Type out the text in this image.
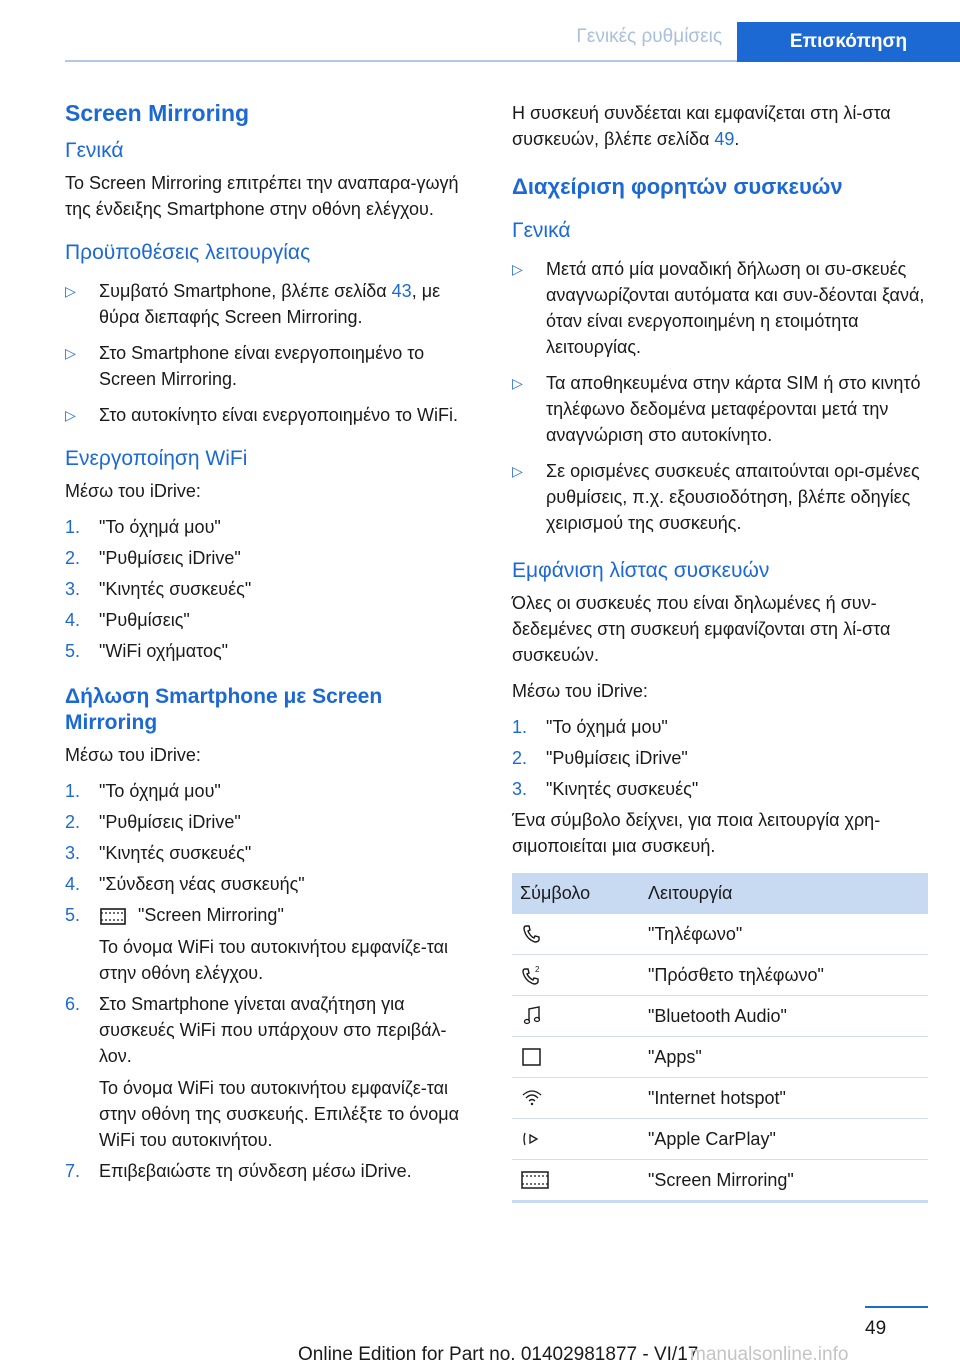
Γενικές ρυθμίσεις	Επισκόπηση
Screen Mirroring
Γενικά
Το Screen Mirroring επιτρέπει την αναπαρα-γωγή της ένδειξης Smartphone στην οθόνη ελέγχου.
Προϋποθέσεις λειτουργίας
▷ Συμβατό Smartphone, βλέπε σελίδα 43, με θύρα διεπαφής Screen Mirroring.
▷ Στο Smartphone είναι ενεργοποιημένο το Screen Mirroring.
▷ Στο αυτοκίνητο είναι ενεργοποιημένο το WiFi.
Ενεργοποίηση WiFi
Μέσω του iDrive:
1. "Το όχημά μου"
2. "Ρυθμίσεις iDrive"
3. "Κινητές συσκευές"
4. "Ρυθμίσεις"
5. "WiFi οχήματος"
Δήλωση Smartphone με Screen Mirroring
Μέσω του iDrive:
1. "Το όχημά μου"
2. "Ρυθμίσεις iDrive"
3. "Κινητές συσκευές"
4. "Σύνδεση νέας συσκευής"
5.	"Screen Mirroring"
Το όνομα WiFi του αυτοκινήτου εμφανίζε-ται στην οθόνη ελέγχου.
6. Στο Smartphone γίνεται αναζήτηση για συσκευές WiFi που υπάρχουν στο περιβάλ-λον.
Το όνομα WiFi του αυτοκινήτου εμφανίζε-ται στην οθόνη της συσκευής. Επιλέξτε το όνομα WiFi του αυτοκινήτου.
7. Επιβεβαιώστε τη σύνδεση μέσω iDrive.
Η συσκευή συνδέεται και εμφανίζεται στη λί-στα συσκευών, βλέπε σελίδα 49.
Διαχείριση φορητών συσκευών
Γενικά
▷ Μετά από μία μοναδική δήλωση οι συ-σκευές αναγνωρίζονται αυτόματα και συν-δέονται ξανά, όταν είναι ενεργοποιημένη η ετοιμότητα λειτουργίας.
▷ Τα αποθηκευμένα στην κάρτα SIM ή στο κινητό τηλέφωνο δεδομένα μεταφέρονται μετά την αναγνώριση στο αυτοκίνητο.
▷ Σε ορισμένες συσκευές απαιτούνται ορι-σμένες ρυθμίσεις, π.χ. εξουσιοδότηση, βλέπε οδηγίες χειρισμού της συσκευής.
Εμφάνιση λίστας συσκευών
Όλες οι συσκευές που είναι δηλωμένες ή συν-δεδεμένες στη συσκευή εμφανίζονται στη λί-στα συσκευών.
Μέσω του iDrive:
1. "Το όχημά μου"
2. "Ρυθμίσεις iDrive"
3. "Κινητές συσκευές"
Ένα σύμβολο δείχνει, για ποια λειτουργία χρη-σιμοποιείται μια συσκευή.
Σύμβολο	Λειτουργία
	"Τηλέφωνο"

2	"Πρόσθετο τηλέφωνο"
	"Bluetooth Audio"
	"Apps"
	"Internet hotspot"
	"Apple CarPlay"
	"Screen Mirroring"
49
Online Edition for Part no. 01402981877 - VI/17
manualsonline.info
